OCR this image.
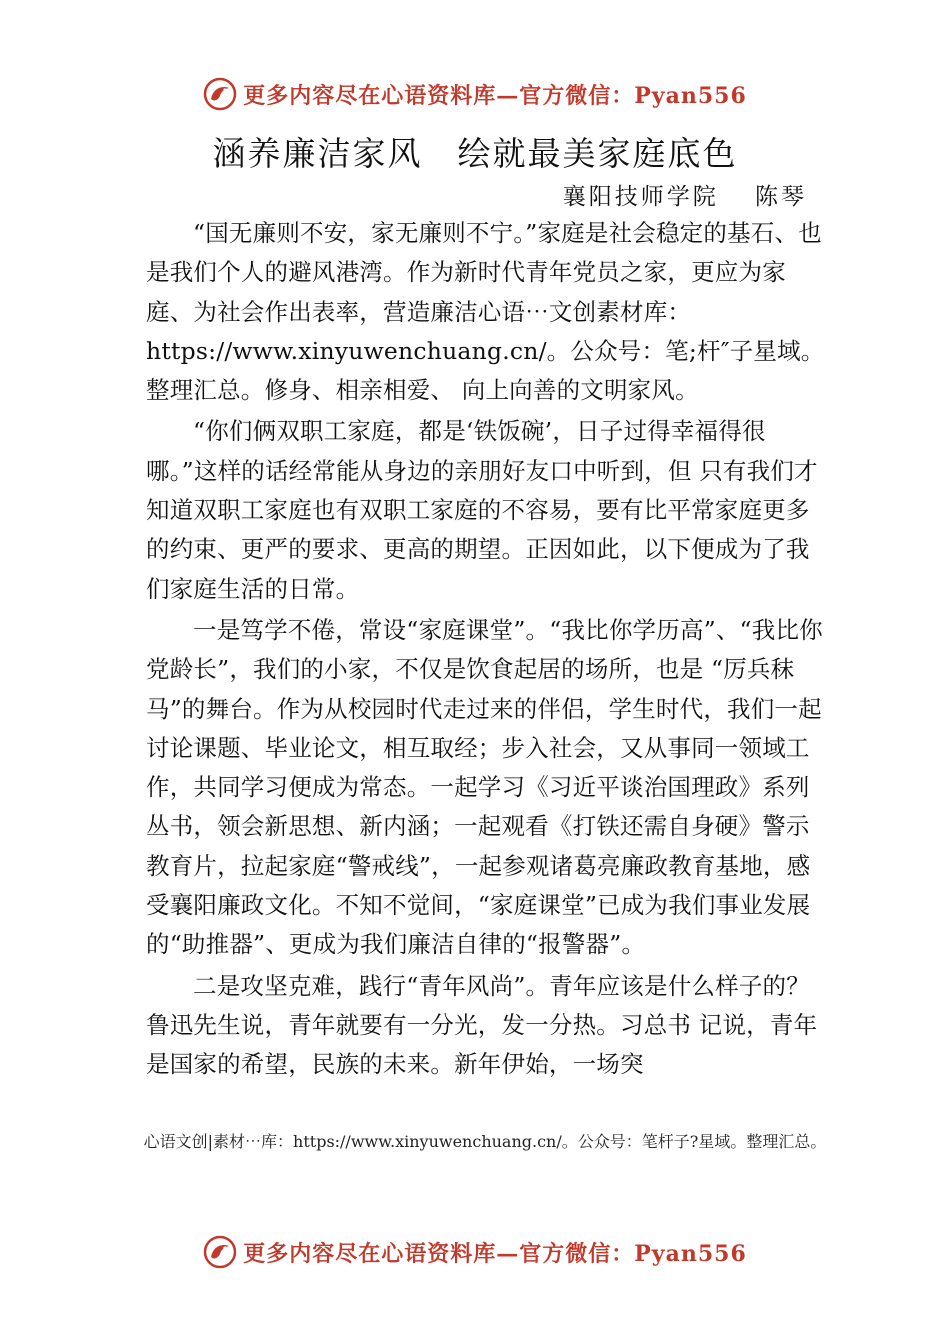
更多内容尽在心语资料库—官方微信：Pyan556
涵养廉洁家风　绘就最美家庭底色
襄阳技师学院　 陈琴

“国无廉则不安，家无廉则不宁。”家庭是社会稳定的基石、也是我们个人的避风港湾。作为新时代青年党员之家，更应为家庭、为社会作出表率，营造廉洁心语⋯文创素材库：https://www.xinyuwenchuang.cn/。公众号：笔;杆″子星域。整理汇总。修身、相亲相爱、 向上向善的文明家风。

“你们俩双职工家庭，都是‘铁饭碗’，日子过得幸福得很哪。”这样的话经常能从身边的亲朋好友口中听到，但 只有我们才知道双职工家庭也有双职工家庭的不容易，要有比平常家庭更多的约束、更严的要求、更高的期望。正因如此，以下便成为了我们家庭生活的日常。

一是笃学不倦，常设“家庭课堂”。“我比你学历高”、“我比你党龄长”，我们的小家，不仅是饮食起居的场所，也是 “厉兵秣马”的舞台。作为从校园时代走过来的伴侣，学生时代，我们一起讨论课题、毕业论文，相互取经；步入社会，又从事同一领域工作，共同学习便成为常态。一起学习《习近平谈治国理政》系列丛书，领会新思想、新内涵；一起观看《打铁还需自身硬》警示教育片，拉起家庭“警戒线”，一起参观诸葛亮廉政教育基地，感受襄阳廉政文化。不知不觉间，“家庭课堂”已成为我们事业发展的“助推器”、更成为我们廉洁自律的“报警器”。

二是攻坚克难，践行“青年风尚”。青年应该是什么样子的？鲁迅先生说，青年就要有一分光，发一分热。习总书 记说，青年是国家的希望，民族的未来。新年伊始，一场突

心语文创|素材⋯库：https://www.xinyuwenchuang.cn/。公众号：笔杆子?星域。整理汇总。
更多内容尽在心语资料库—官方微信：Pyan556
